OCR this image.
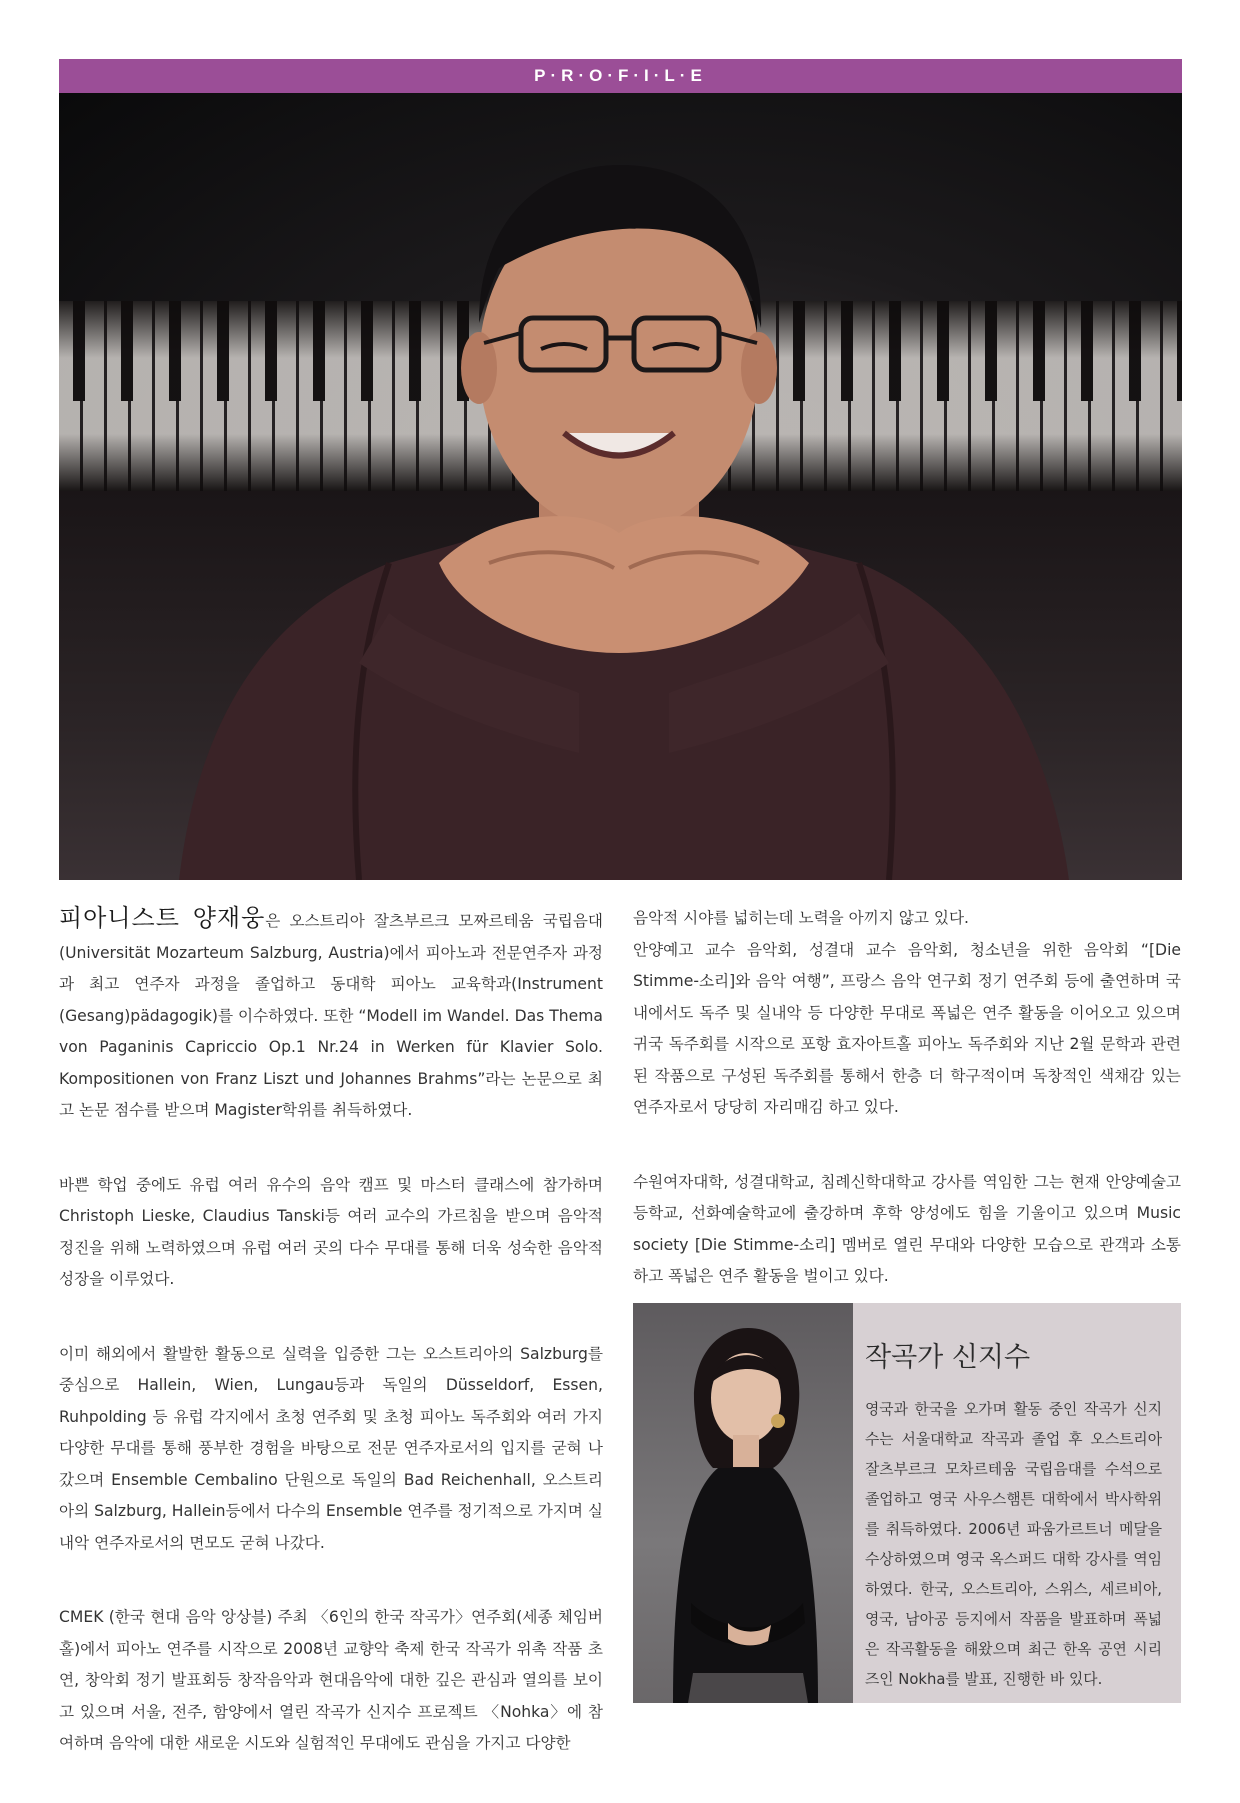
P·R·O·F·I·L·E

피아니스트 양재웅은 오스트리아 잘츠부르크 모짜르테움 국립음대(Universität Mozarteum Salzburg, Austria)에서 피아노과 전문연주자 과정과 최고 연주자 과정을 졸업하고 동대학 피아노 교육학과(Instrument (Gesang)pädagogik)를 이수하였다. 또한 “Modell im Wandel. Das Thema von Paganinis Capriccio Op.1 Nr.24 in Werken für Klavier Solo. Kompositionen von Franz Liszt und Johannes Brahms”라는 논문으로 최고 논문 점수를 받으며 Magister학위를 취득하였다.

바쁜 학업 중에도 유럽 여러 유수의 음악 캠프 및 마스터 클래스에 참가하며 Christoph Lieske, Claudius Tanski등 여러 교수의 가르침을 받으며 음악적 정진을 위해 노력하였으며 유럽 여러 곳의 다수 무대를 통해 더욱 성숙한 음악적 성장을 이루었다.

이미 해외에서 활발한 활동으로 실력을 입증한 그는 오스트리아의 Salzburg를 중심으로 Hallein, Wien, Lungau등과 독일의 Düsseldorf, Essen, Ruhpolding 등 유럽 각지에서 초청 연주회 및 초청 피아노 독주회와 여러 가지 다양한 무대를 통해 풍부한 경험을 바탕으로 전문 연주자로서의 입지를 굳혀 나갔으며 Ensemble Cembalino 단원으로 독일의 Bad Reichenhall, 오스트리아의 Salzburg, Hallein등에서 다수의 Ensemble 연주를 정기적으로 가지며 실내악 연주자로서의 면모도 굳혀 나갔다.

CMEK (한국 현대 음악 앙상블) 주최 〈6인의 한국 작곡가〉연주회(세종 체임버홀)에서 피아노 연주를 시작으로 2008년 교향악 축제 한국 작곡가 위촉 작품 초연, 창악회 정기 발표회등 창작음악과 현대음악에 대한 깊은 관심과 열의를 보이고 있으며 서울, 전주, 함양에서 열린 작곡가 신지수 프로젝트 〈Nohka〉에 참여하며 음악에 대한 새로운 시도와 실험적인 무대에도 관심을 가지고 다양한

음악적 시야를 넓히는데 노력을 아끼지 않고 있다.
안양예고 교수 음악회, 성결대 교수 음악회, 청소년을 위한 음악회 “[Die Stimme-소리]와 음악 여행”, 프랑스 음악 연구회 정기 연주회 등에 출연하며 국내에서도 독주 및 실내악 등 다양한 무대로 폭넓은 연주 활동을 이어오고 있으며 귀국 독주회를 시작으로 포항 효자아트홀 피아노 독주회와 지난 2월 문학과 관련된 작품으로 구성된 독주회를 통해서 한층 더 학구적이며 독창적인 색채감 있는 연주자로서 당당히 자리매김 하고 있다.

수원여자대학, 성결대학교, 침례신학대학교 강사를 역임한 그는 현재 안양예술고등학교, 선화예술학교에 출강하며 후학 양성에도 힘을 기울이고 있으며 Music society [Die Stimme-소리] 멤버로 열린 무대와 다양한 모습으로 관객과 소통하고 폭넓은 연주 활동을 벌이고 있다.

작곡가 신지수
영국과 한국을 오가며 활동 중인 작곡가 신지수는 서울대학교 작곡과 졸업 후 오스트리아 잘츠부르크 모차르테움 국립음대를 수석으로 졸업하고 영국 사우스햄튼 대학에서 박사학위를 취득하였다. 2006년 파움가르트너 메달을 수상하였으며 영국 옥스퍼드 대학 강사를 역임하였다. 한국, 오스트리아, 스위스, 세르비아, 영국, 남아공 등지에서 작품을 발표하며 폭넓은 작곡활동을 해왔으며 최근 한옥 공연 시리즈인 Nokha를 발표, 진행한 바 있다.
